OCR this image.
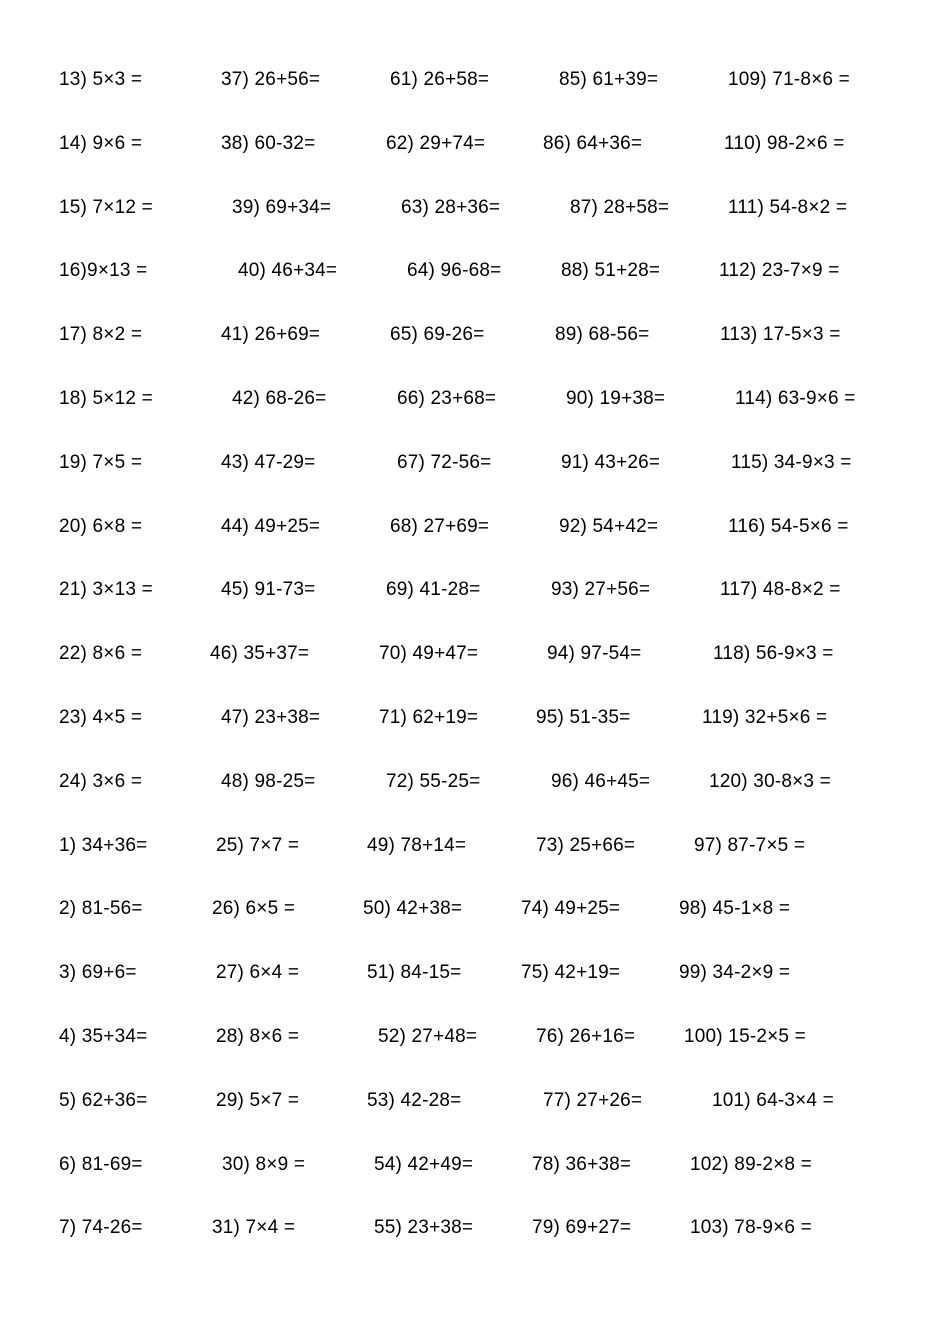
13) 5×3 =	37) 26+56=	61) 26+58=	85) 61+39=	109) 71-8×6 =
14) 9×6 =	38) 60-32=	62) 29+74=	86) 64+36=	110) 98-2×6 =
15) 7×12 =	39) 69+34=	63) 28+36=	87) 28+58=	111) 54-8×2 =
16)9×13 =	40) 46+34=	64) 96-68=	88) 51+28=	112) 23-7×9 =
17) 8×2 =	41) 26+69=	65) 69-26=	89) 68-56=	113) 17-5×3 =
18) 5×12 =	42) 68-26=	66) 23+68=	90) 19+38=	114) 63-9×6 =
19) 7×5 =	43) 47-29=	67) 72-56=	91) 43+26=	115) 34-9×3 =
20) 6×8 =	44) 49+25=	68) 27+69=	92) 54+42=	116) 54-5×6 =
21) 3×13 =	45) 91-73=	69) 41-28=	93) 27+56=	117) 48-8×2 =
22) 8×6 =	46) 35+37=	70) 49+47=	94) 97-54=	118) 56-9×3 =
23) 4×5 =	47) 23+38=	71) 62+19=	95) 51-35=	119) 32+5×6 =
24) 3×6 =	48) 98-25=	72) 55-25=	96) 46+45=	120) 30-8×3 =
1) 34+36=	25) 7×7 =	49) 78+14=	73) 25+66=	97) 87-7×5 =
2) 81-56=	26) 6×5 =	50) 42+38=	74) 49+25=	98) 45-1×8 =
3) 69+6=	27) 6×4 =	51) 84-15=	75) 42+19=	99) 34-2×9 =
4) 35+34=	28) 8×6 =	52) 27+48=	76) 26+16=	100) 15-2×5 =
5) 62+36=	29) 5×7 =	53) 42-28=	77) 27+26=	101) 64-3×4 =
6) 81-69=	30) 8×9 =	54) 42+49=	78) 36+38=	102) 89-2×8 =
7) 74-26=	31) 7×4 =	55) 23+38=	79) 69+27=	103) 78-9×6 =
